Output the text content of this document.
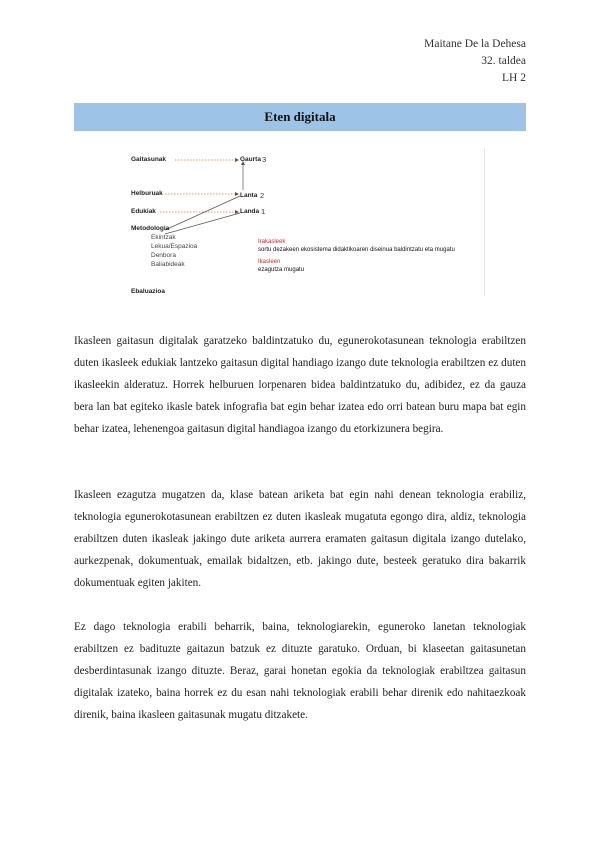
Maitane De la Dehesa
32. taldea
LH 2
Eten digitala
Gaitasunak
Helburuak
Edukiak
Metodologia
Ekintzak
Lekua/Espazioa
Denbora
Baliabideak
Ebaluazioa
Gaurta
Lanta
Landa
3
2
1
Irakasleek
sortu dezakeen ekosistema didaktikoaren diseinua baldintzatu eta mugatu
Ikasleen
ezagutza mugatu

Ikasleen gaitasun digitalak garatzeko baldintzatuko du, egunerokotasunean teknologia erabiltzen duten ikasleek edukiak lantzeko gaitasun digital handiago izango dute teknologia erabiltzen ez duten ikasleekin alderatuz. Horrek helburuen lorpenaren bidea baldintzatuko du, adibidez, ez da gauza bera lan bat egiteko ikasle batek infografia bat egin behar izatea edo orri batean buru mapa bat egin behar izatea, lehenengoa gaitasun digital handiagoa izango du etorkizunera begira.

Ikasleen ezagutza mugatzen da, klase batean ariketa bat egin nahi denean teknologia erabiliz, teknologia egunerokotasunean erabiltzen ez duten ikasleak mugatuta egongo dira, aldiz, teknologia erabiltzen duten ikasleak jakingo dute ariketa aurrera eramaten gaitasun digitala izango dutelako, aurkezpenak, dokumentuak, emailak bidaltzen, etb. jakingo dute, besteek geratuko dira bakarrik dokumentuak egiten jakiten.

Ez dago teknologia erabili beharrik, baina, teknologiarekin, eguneroko lanetan teknologiak erabiltzen ez badituzte gaitazun batzuk ez dituzte garatuko. Orduan, bi klaseetan gaitasunetan desberdintasunak izango dituzte. Beraz, garai honetan egokia da teknologiak erabiltzea gaitasun digitalak izateko, baina horrek ez du esan nahi teknologiak erabili behar direnik edo nahitaezkoak direnik, baina ikasleen gaitasunak mugatu ditzakete.
